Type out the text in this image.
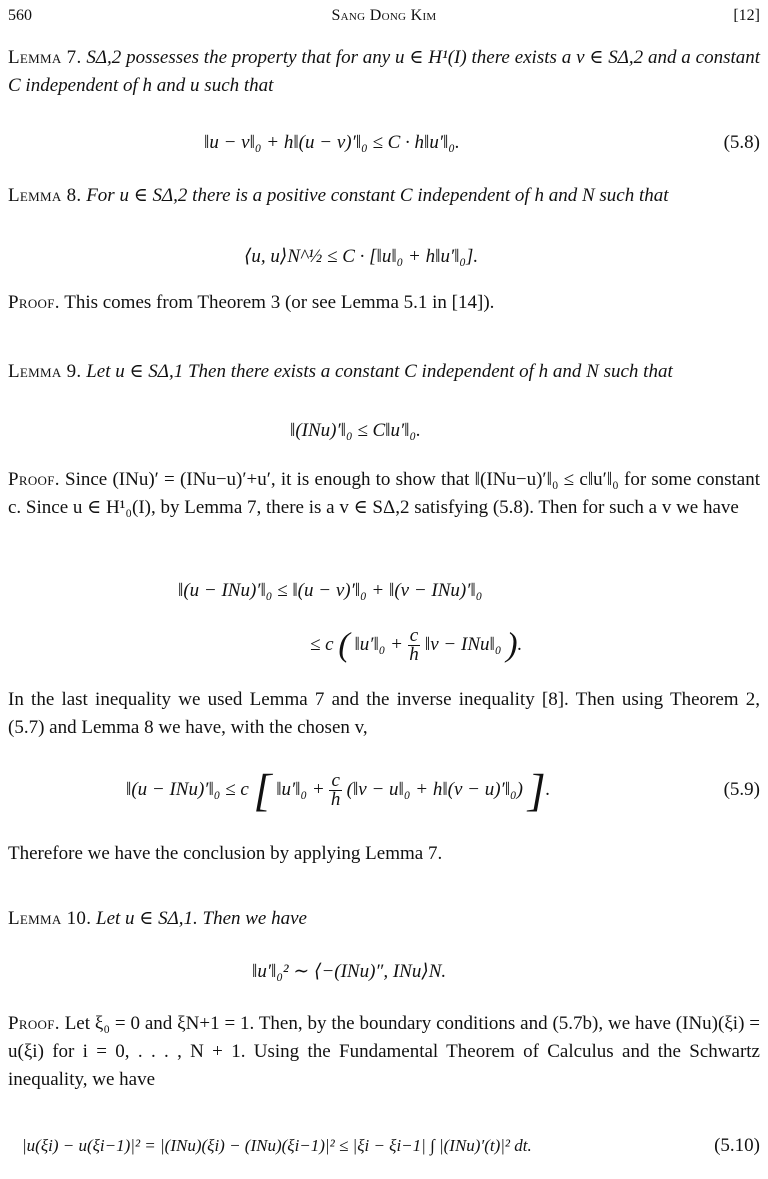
560	Sang Dong Kim	[12]
Lemma 7. SΔ,2 possesses the property that for any u ∈ H¹(I) there exists a v ∈ SΔ,2 and a constant C independent of h and u such that
‖u − v‖₀ + h‖(u − v)′‖₀ ≤ C · h‖u′‖₀.	(5.8)
Lemma 8. For u ∈ SΔ,2 there is a positive constant C independent of h and N such that
⟨u, u⟩N^½ ≤ C · [‖u‖₀ + h‖u′‖₀].
Proof. This comes from Theorem 3 (or see Lemma 5.1 in [14]).
Lemma 9. Let u ∈ SΔ,1 Then there exists a constant C independent of h and N such that
‖(INu)′‖₀ ≤ C‖u′‖₀.
Proof. Since (INu)′ = (INu−u)′+u′, it is enough to show that ‖(INu−u)′‖₀ ≤ c‖u′‖₀ for some constant c. Since u ∈ H¹₀(I), by Lemma 7, there is a v ∈ SΔ,2 satisfying (5.8). Then for such a v we have
‖(u − INu)′‖₀ ≤ ‖(u − v)′‖₀ + ‖(v − INu)′‖₀
≤ c ( ‖u′‖₀ + $\frac{c}{h}$ ‖v − INu‖₀ ).
In the last inequality we used Lemma 7 and the inverse inequality [8]. Then using Theorem 2, (5.7) and Lemma 8 we have, with the chosen v,
‖(u − INu)′‖₀ ≤ c [ ‖u′‖₀ + $\frac{c}{h}$ (‖v − u‖₀ + h‖(v − u)′‖₀) ].	(5.9)
Therefore we have the conclusion by applying Lemma 7.
Lemma 10. Let u ∈ SΔ,1. Then we have
‖u′‖₀² ∼ ⟨−(INu)″, INu⟩N.
Proof. Let ξ₀ = 0 and ξN+1 = 1. Then, by the boundary conditions and (5.7b), we have (INu)(ξi) = u(ξi) for i = 0, . . . , N + 1. Using the Fundamental Theorem of Calculus and the Schwartz inequality, we have
|u(ξi) − u(ξi−1)|² = |(INu)(ξi) − (INu)(ξi−1)|² ≤ |ξi − ξi−1| ∫ |(INu)′(t)|² dt.	(5.10)
